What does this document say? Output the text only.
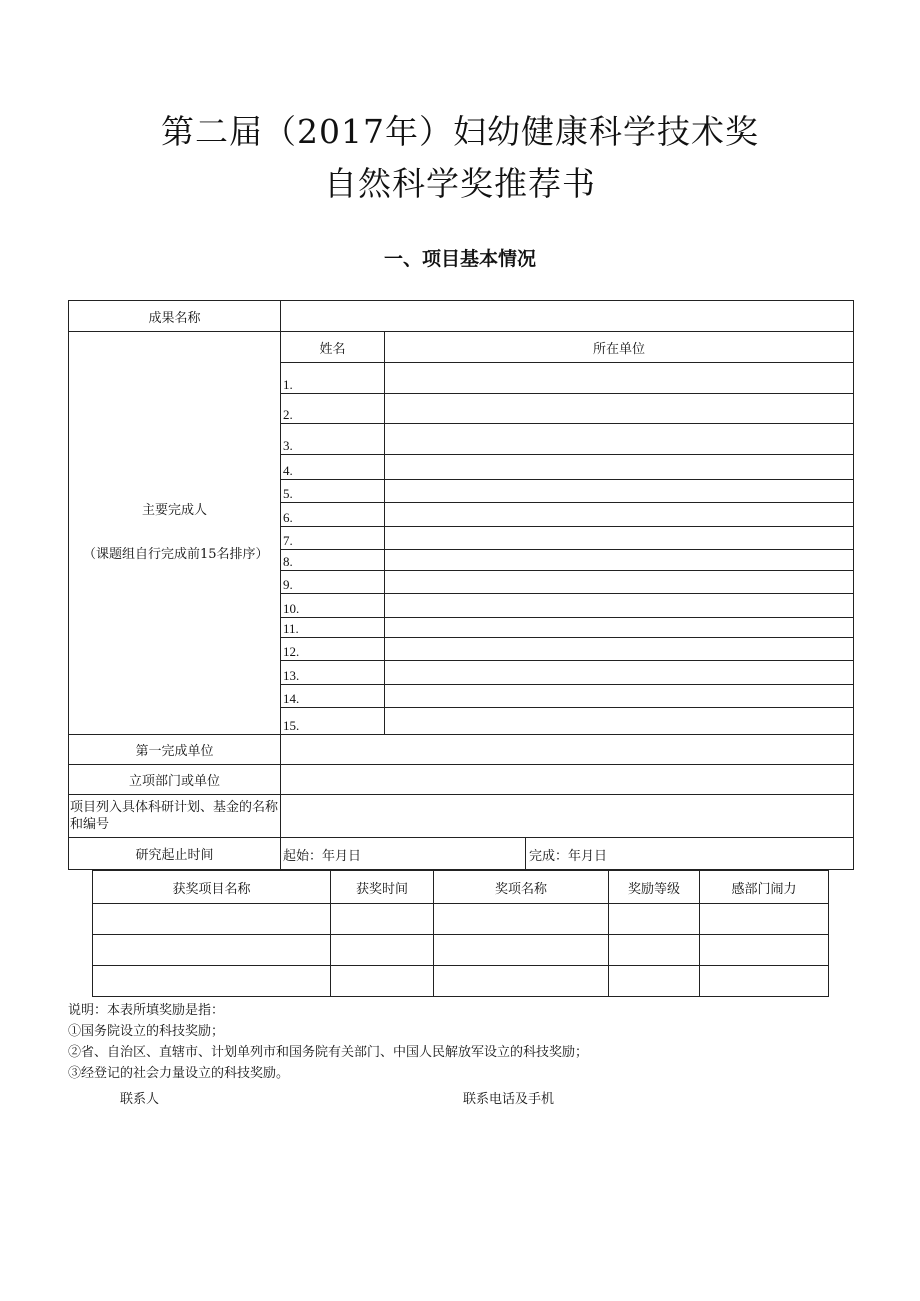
第二届（2017年）妇幼健康科学技术奖
自然科学奖推荐书
一、项目基本情况
成果名称		
主要完成人
（课题组自行完成前15名排序）	姓名	所在单位
	1.	
	2.	
	3.	
	4.	
	5.	
	6.	
	7.	
	8.	
	9.	
	10.	
	11.	
	12.	
	13.	
	14.	
	15.	
第一完成单位		
立项部门或单位		
项目列入具体科研计划、基金的名称和编号		
研究起止时间	起始：年月日 完成：年月日	
获奖项目名称	获奖时间	奖项名称	奖励等级	感部门闹力

说明：本表所填奖励是指：
①国务院设立的科技奖励；
②省、自治区、直辖市、计划单列市和国务院有关部门、中国人民解放军设立的科技奖励；
③经登记的社会力量设立的科技奖励。
联系人	联系电话及手机
